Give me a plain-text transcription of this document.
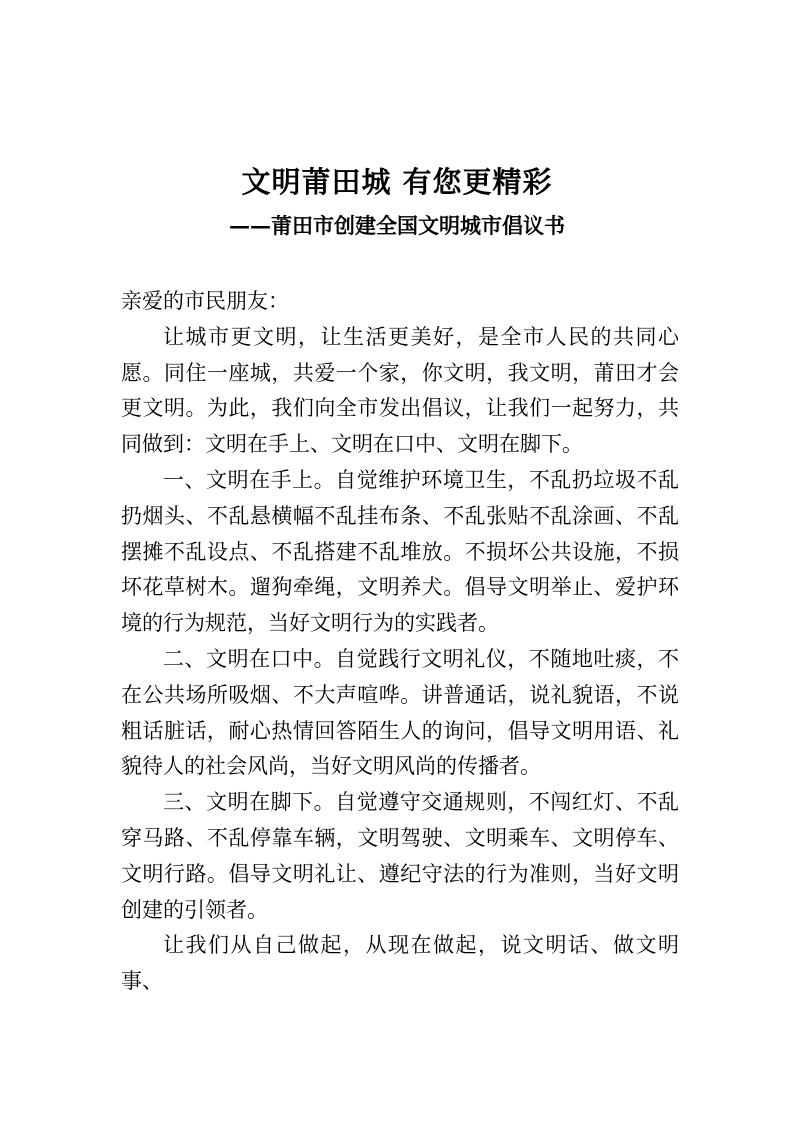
文明莆田城 有您更精彩
——莆田市创建全国文明城市倡议书

亲爱的市民朋友：

让城市更文明，让生活更美好，是全市人民的共同心愿。同住一座城，共爱一个家，你文明，我文明，莆田才会更文明。为此，我们向全市发出倡议，让我们一起努力，共同做到：文明在手上、文明在口中、文明在脚下。

一、文明在手上。自觉维护环境卫生，不乱扔垃圾不乱扔烟头、不乱悬横幅不乱挂布条、不乱张贴不乱涂画、不乱摆摊不乱设点、不乱搭建不乱堆放。不损坏公共设施，不损坏花草树木。遛狗牵绳，文明养犬。倡导文明举止、爱护环境的行为规范，当好文明行为的实践者。

二、文明在口中。自觉践行文明礼仪，不随地吐痰，不在公共场所吸烟、不大声喧哗。讲普通话，说礼貌语，不说粗话脏话，耐心热情回答陌生人的询问，倡导文明用语、礼貌待人的社会风尚，当好文明风尚的传播者。

三、文明在脚下。自觉遵守交通规则，不闯红灯、不乱穿马路、不乱停靠车辆，文明驾驶、文明乘车、文明停车、 文明行路。倡导文明礼让、遵纪守法的行为准则，当好文明创建的引领者。

让我们从自己做起，从现在做起，说文明话、做文明事、
